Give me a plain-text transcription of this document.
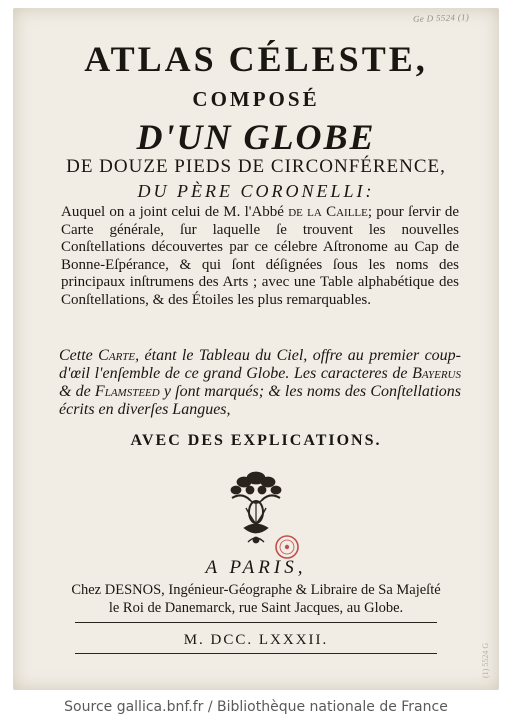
Ge D 5524 (1)
(1) 5524 G
ATLAS CÉLESTE,
COMPOSÉ
D'UN GLOBE
DE DOUZE PIEDS DE CIRCONFÉRENCE,
DU PÈRE CORONELLI:
Auquel on a joint celui de M. l'Abbé de la Caille; pour ſervir de Carte générale, ſur laquelle ſe trouvent les nouvelles Conſtellations découvertes par ce célebre Aſtronome au Cap de Bonne-Eſpérance, & qui ſont déſignées ſous les noms des principaux inſtrumens des Arts ; avec une Table alphabétique des Conſtellations, & des Étoiles les plus remarquables.
Cette Carte, étant le Tableau du Ciel, offre au premier coup-d'œil l'enſemble de ce grand Globe. Les caracteres de Bayerus & de Flamsteed y ſont marqués; & les noms des Conſtellations écrits en diverſes Langues,
AVEC DES EXPLICATIONS.
A PARIS,
Chez DESNOS, Ingénieur-Géographe & Libraire de Sa Majeſté
le Roi de Danemarck, rue Saint Jacques, au Globe.
M. DCC. LXXXII.
Source gallica.bnf.fr / Bibliothèque nationale de France
